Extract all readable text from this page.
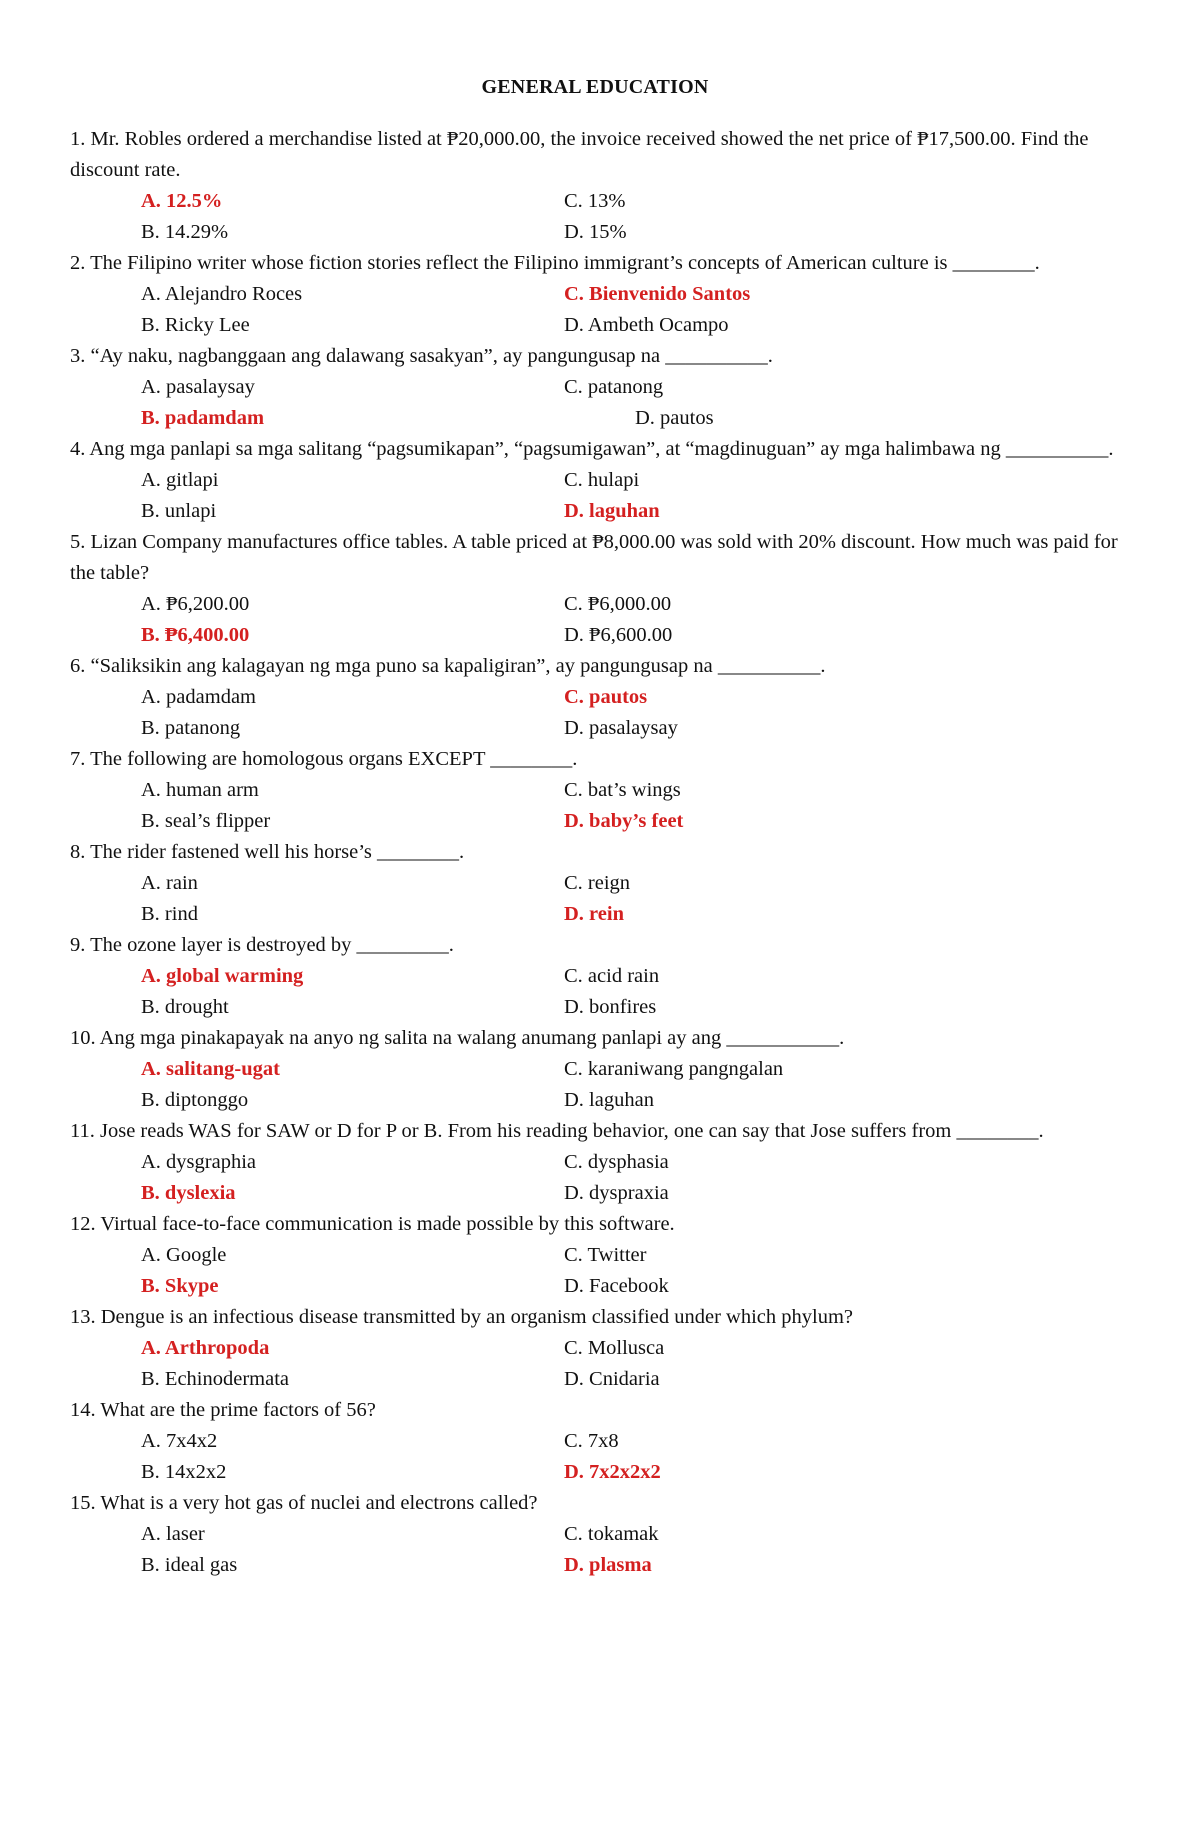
GENERAL EDUCATION

1. Mr. Robles ordered a merchandise listed at ₱20,000.00, the invoice received showed the net price of ₱17,500.00. Find the discount rate.

A. 12.5%	C. 13%
B. 14.29%	D. 15%

2. The Filipino writer whose fiction stories reflect the Filipino immigrant’s concepts of American culture is ________.

A. Alejandro Roces	C. Bienvenido Santos
B. Ricky Lee	D. Ambeth Ocampo

3. “Ay naku, nagbanggaan ang dalawang sasakyan”, ay pangungusap na __________.

A. pasalaysay	C. patanong
B. padamdam	D. pautos

4. Ang mga panlapi sa mga salitang “pagsumikapan”, “pagsumigawan”, at “magdinuguan” ay mga halimbawa ng __________.

A. gitlapi	C. hulapi
B. unlapi	D. laguhan

5. Lizan Company manufactures office tables. A table priced at ₱8,000.00 was sold with 20% discount. How much was paid for the table?

A. ₱6,200.00	C. ₱6,000.00
B. ₱6,400.00	D. ₱6,600.00

6. “Saliksikin ang kalagayan ng mga puno sa kapaligiran”, ay pangungusap na __________.

A. padamdam	C. pautos
B. patanong	D. pasalaysay

7. The following are homologous organs EXCEPT ________.

A. human arm	C. bat’s wings
B. seal’s flipper	D. baby’s feet

8. The rider fastened well his horse’s ________.

A. rain	C. reign
B. rind	D. rein

9. The ozone layer is destroyed by _________.

A. global warming	C. acid rain
B. drought	D. bonfires

10. Ang mga pinakapayak na anyo ng salita na walang anumang panlapi ay ang ___________.

A. salitang-ugat	C. karaniwang pangngalan
B. diptonggo	D. laguhan

11. Jose reads WAS for SAW or D for P or B. From his reading behavior, one can say that Jose suffers from ________.

A. dysgraphia	C. dysphasia
B. dyslexia	D. dyspraxia

12. Virtual face-to-face communication is made possible by this software.

A. Google	C. Twitter
B. Skype	D. Facebook

13. Dengue is an infectious disease transmitted by an organism classified under which phylum?

A. Arthropoda	C. Mollusca
B. Echinodermata	D. Cnidaria

14. What are the prime factors of 56?

A. 7x4x2	C. 7x8
B. 14x2x2	D. 7x2x2x2

15. What is a very hot gas of nuclei and electrons called?

A. laser	C. tokamak
B. ideal gas	D. plasma
